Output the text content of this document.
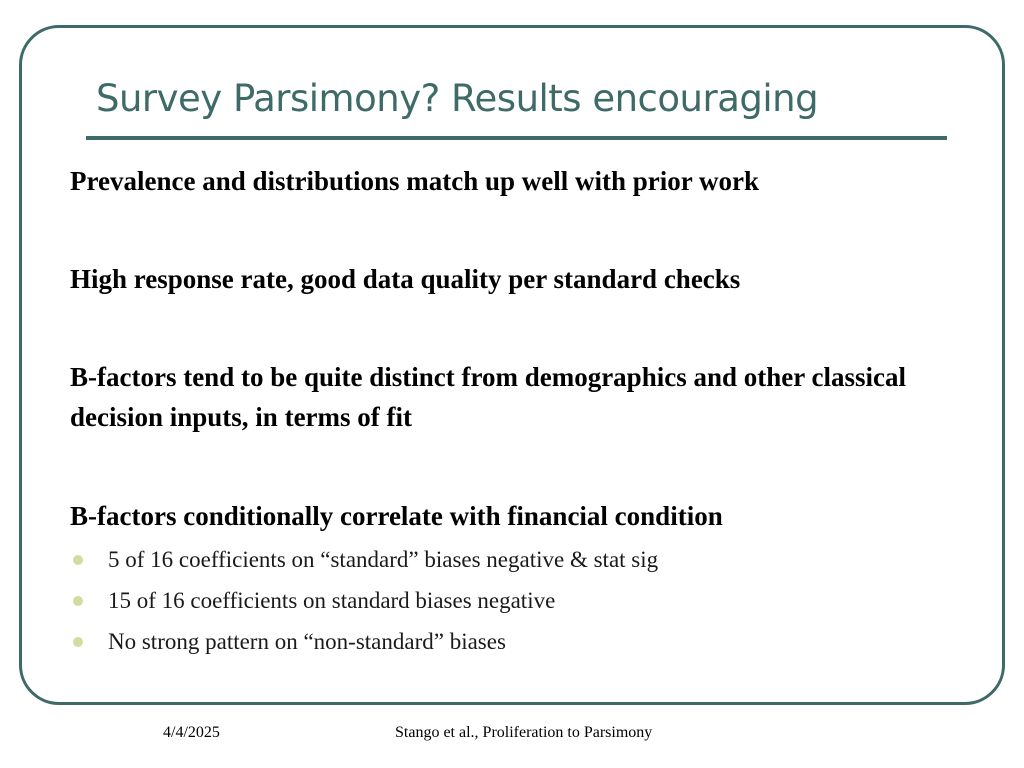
Survey Parsimony? Results encouraging
Prevalence and distributions match up well with prior work
High response rate, good data quality per standard checks
B-factors tend to be quite distinct from demographics and other classical decision inputs, in terms of fit
B-factors conditionally correlate with financial condition
5 of 16 coefficients on “standard” biases negative & stat sig
15 of 16 coefficients on standard biases negative
No strong pattern on “non-standard” biases
4/4/2025	Stango et al., Proliferation to Parsimony
